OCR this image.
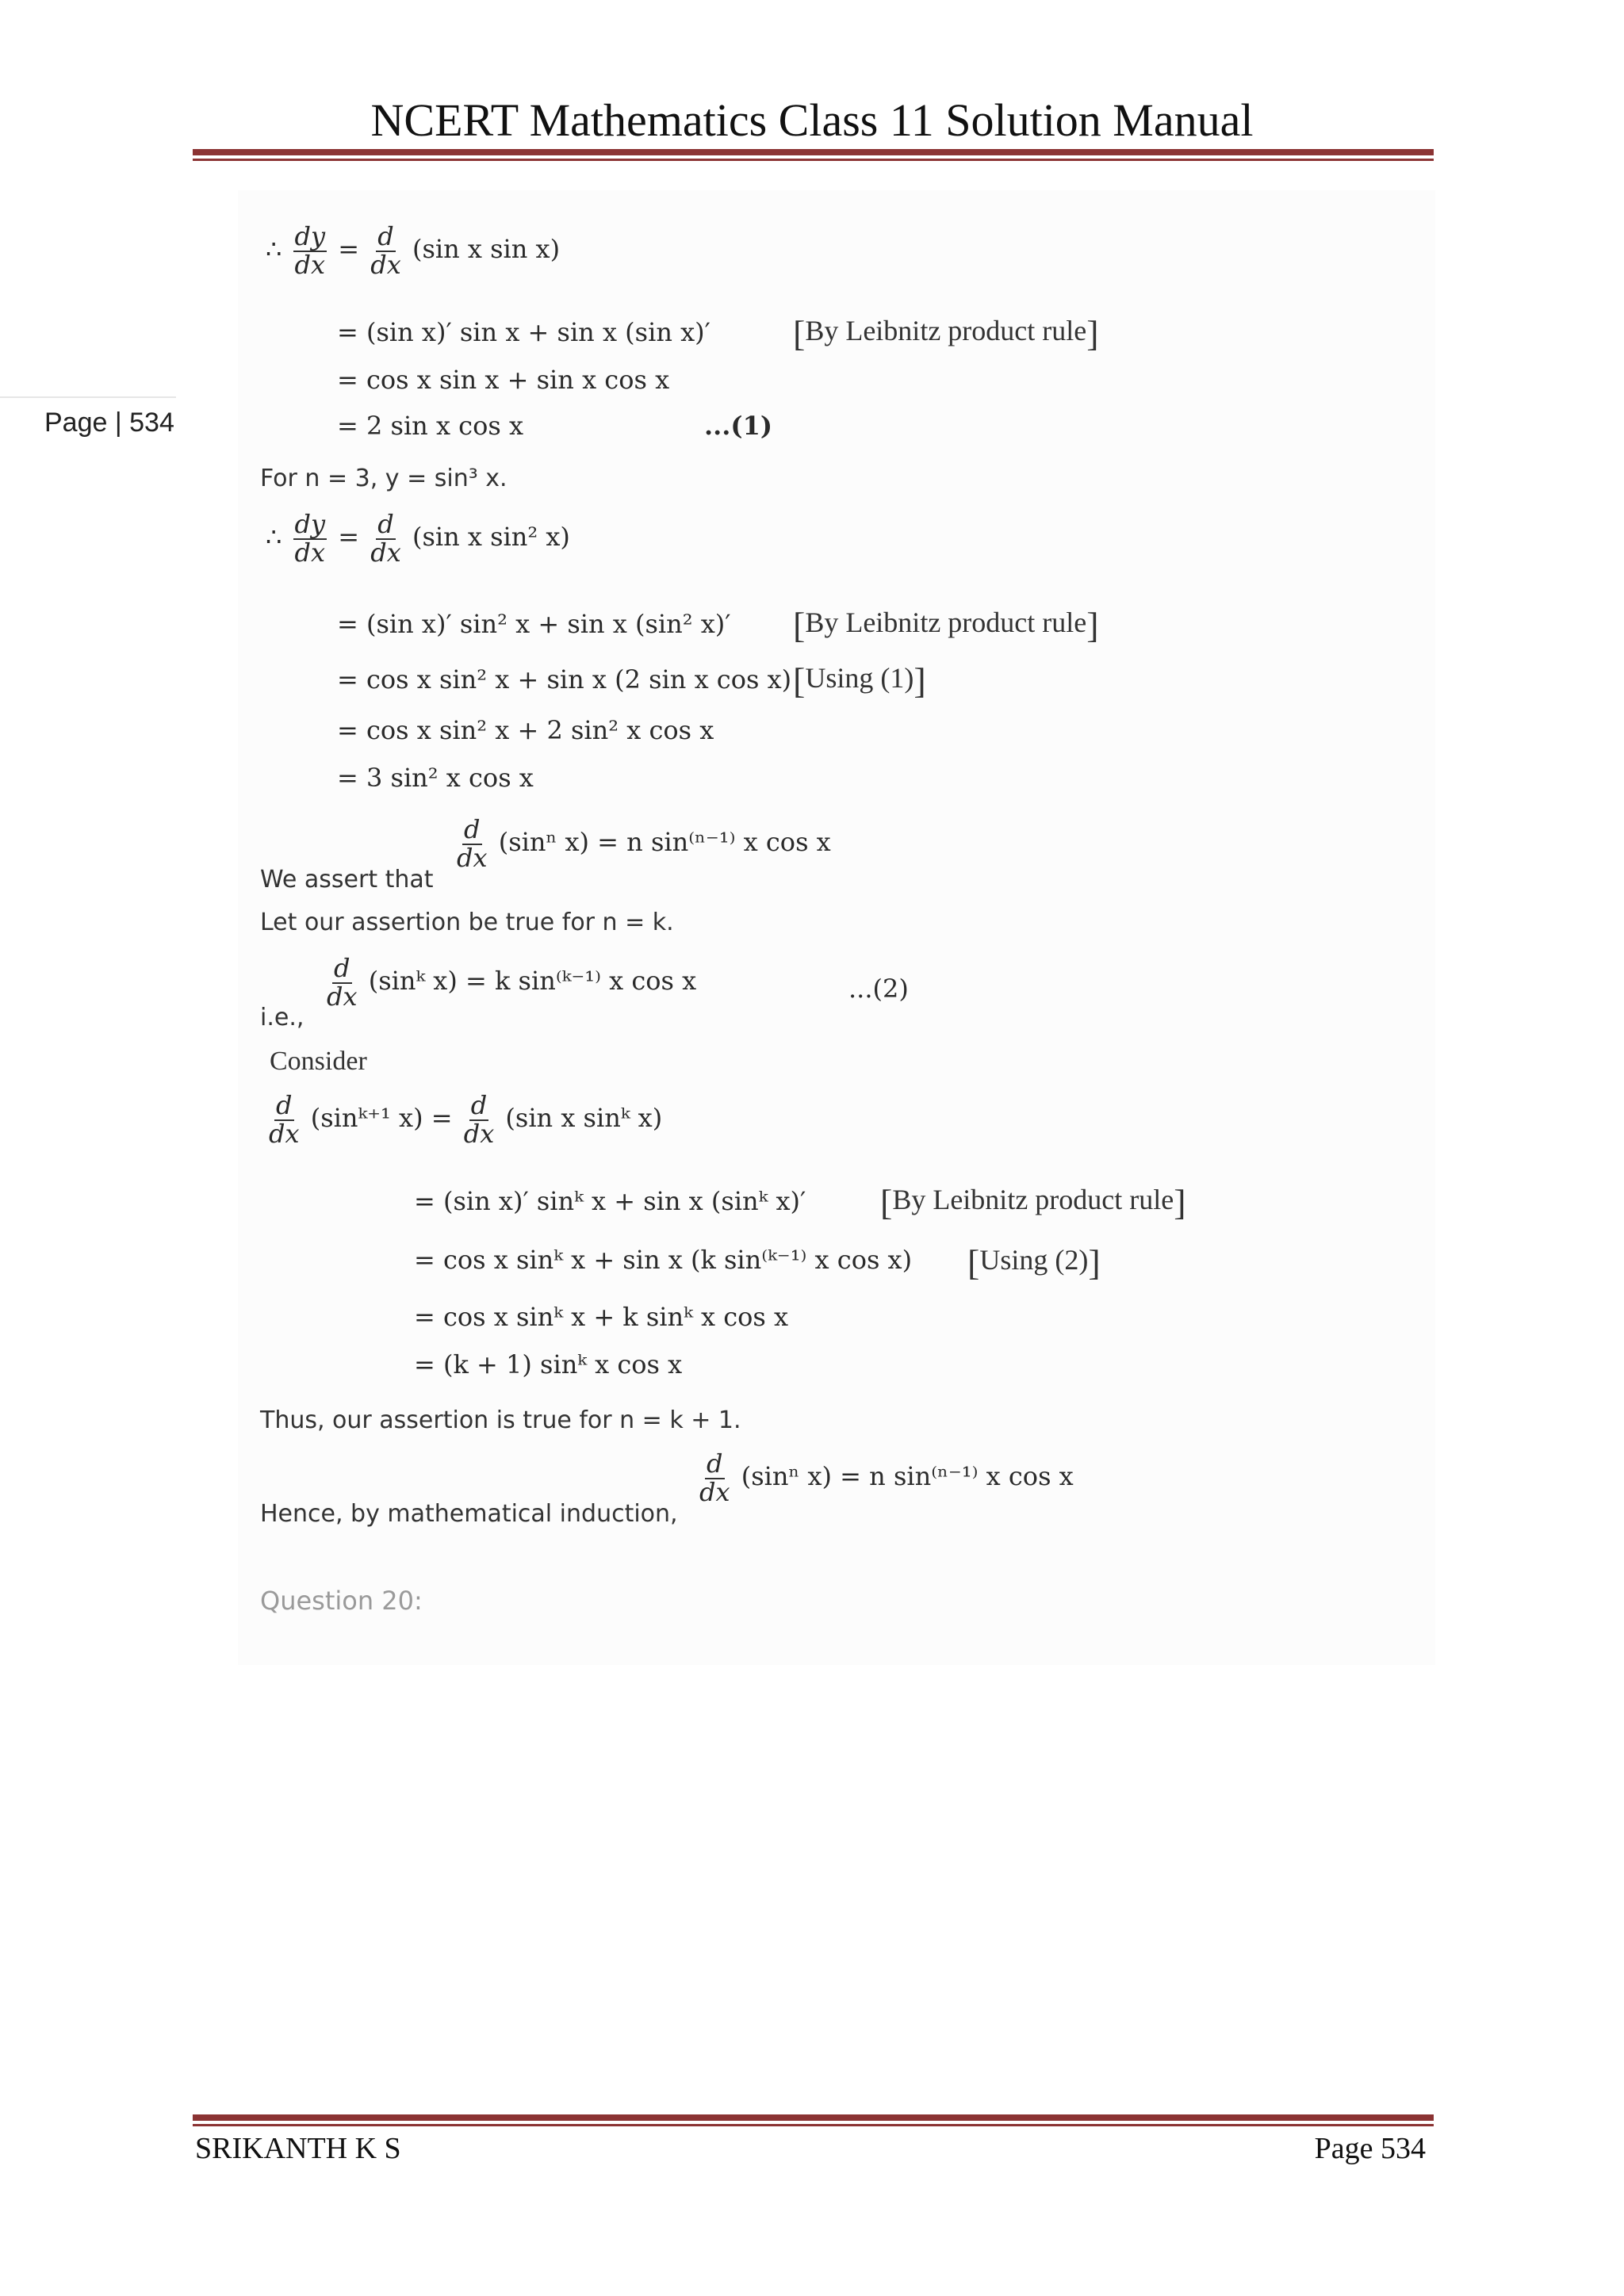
NCERT Mathematics Class 11 Solution Manual
Page | 534
∴ $\frac{dy}{dx} = \frac{d}{dx} (\sin$ x sin x)
= (sin x)′ sin x + sin x (sin x)′ [By Leibnitz product rule]
= cos x sin x + sin x cos x
= 2 sin x cos x	...(1)
For n = 3, y = sin³ x.
∴ $\frac{dy}{dx} = \frac{d}{dx} (\sin$ x sin² x)
= (sin x)′ sin² x + sin x (sin² x)′ [By Leibnitz product rule]
= cos x sin² x + sin x (2 sin x cos x) [Using (1)]
= cos x sin² x + 2 sin² x cos x
= 3 sin² x cos x
We assert that
$\frac{d}{dx} (\sin^n$ x) = n sin⁽ⁿ⁻¹⁾ x cos x
Let our assertion be true for n = k.
i.e.,
$\frac{d}{dx}$ (sinᵏ x) = k sin⁽ᵏ⁻¹⁾ x cos x	...(2)
Consider
$\frac{d}{dx}$ (sinᵏ⁺¹ $x) = \frac{d}{dx} (\sin$ x sinᵏ x)
= (sin x)′ sinᵏ x + sin x (sinᵏ x)′ [By Leibnitz product rule]
= cos x sinᵏ x + sin x (k sin⁽ᵏ⁻¹⁾ x cos x) [Using (2)]
= cos x sinᵏ x + k sinᵏ x cos x
= (k + 1) sinᵏ x cos x
Thus, our assertion is true for n = k + 1.
Hence, by mathematical induction,
$\frac{d}{dx} (\sin^n$ x) = n sin⁽ⁿ⁻¹⁾ x cos x
Question 20:
SRIKANTH K S	Page 534
